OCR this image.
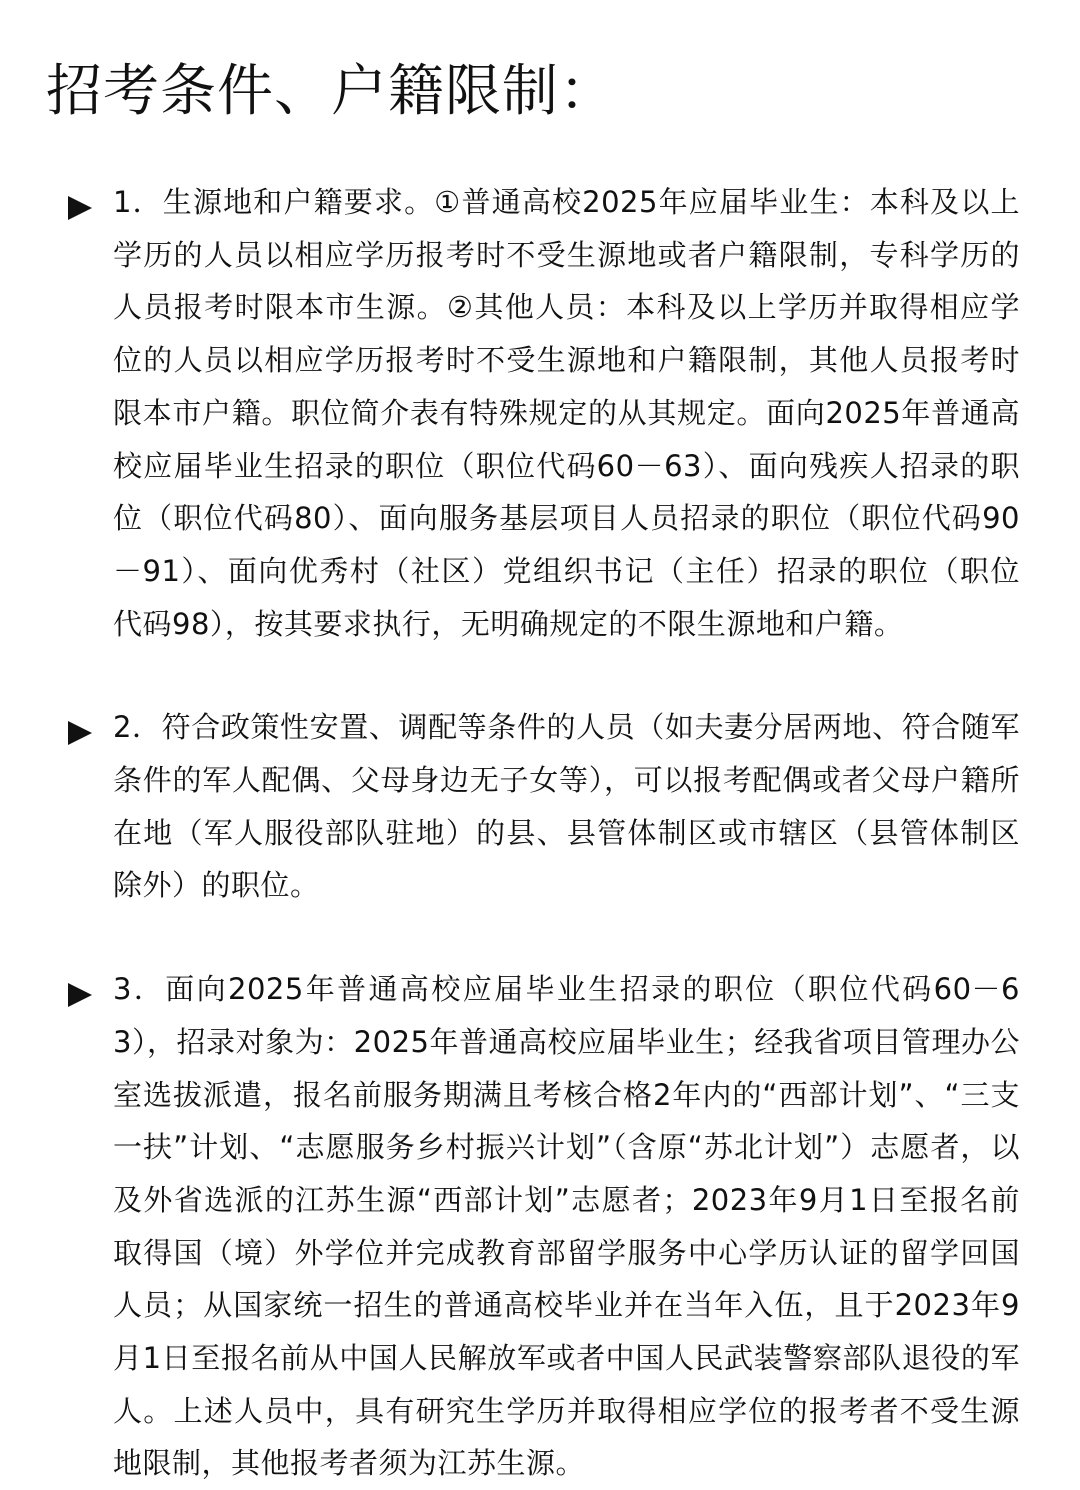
招考条件、户籍限制：
1．生源地和户籍要求。①普通高校2025年应届毕业生：本科及以上学历的人员以相应学历报考时不受生源地或者户籍限制，专科学历的人员报考时限本市生源。②其他人员：本科及以上学历并取得相应学位的人员以相应学历报考时不受生源地和户籍限制，其他人员报考时限本市户籍。职位简介表有特殊规定的从其规定。面向2025年普通高校应届毕业生招录的职位（职位代码60－63）、面向残疾人招录的职位（职位代码80）、面向服务基层项目人员招录的职位（职位代码90－91）、面向优秀村（社区）党组织书记（主任）招录的职位（职位代码98），按其要求执行，无明确规定的不限生源地和户籍。
2．符合政策性安置、调配等条件的人员（如夫妻分居两地、符合随军条件的军人配偶、父母身边无子女等），可以报考配偶或者父母户籍所在地（军人服役部队驻地）的县、县管体制区或市辖区（县管体制区除外）的职位。
3．面向2025年普通高校应届毕业生招录的职位（职位代码60－63），招录对象为：2025年普通高校应届毕业生；经我省项目管理办公室选拔派遣，报名前服务期满且考核合格2年内的“西部计划”、“三支一扶”计划、“志愿服务乡村振兴计划”（含原“苏北计划”）志愿者，以及外省选派的江苏生源“西部计划”志愿者；2023年9月1日至报名前取得国（境）外学位并完成教育部留学服务中心学历认证的留学回国人员；从国家统一招生的普通高校毕业并在当年入伍，且于2023年9月1日至报名前从中国人民解放军或者中国人民武装警察部队退役的军人。上述人员中，具有研究生学历并取得相应学位的报考者不受生源地限制，其他报考者须为江苏生源。
